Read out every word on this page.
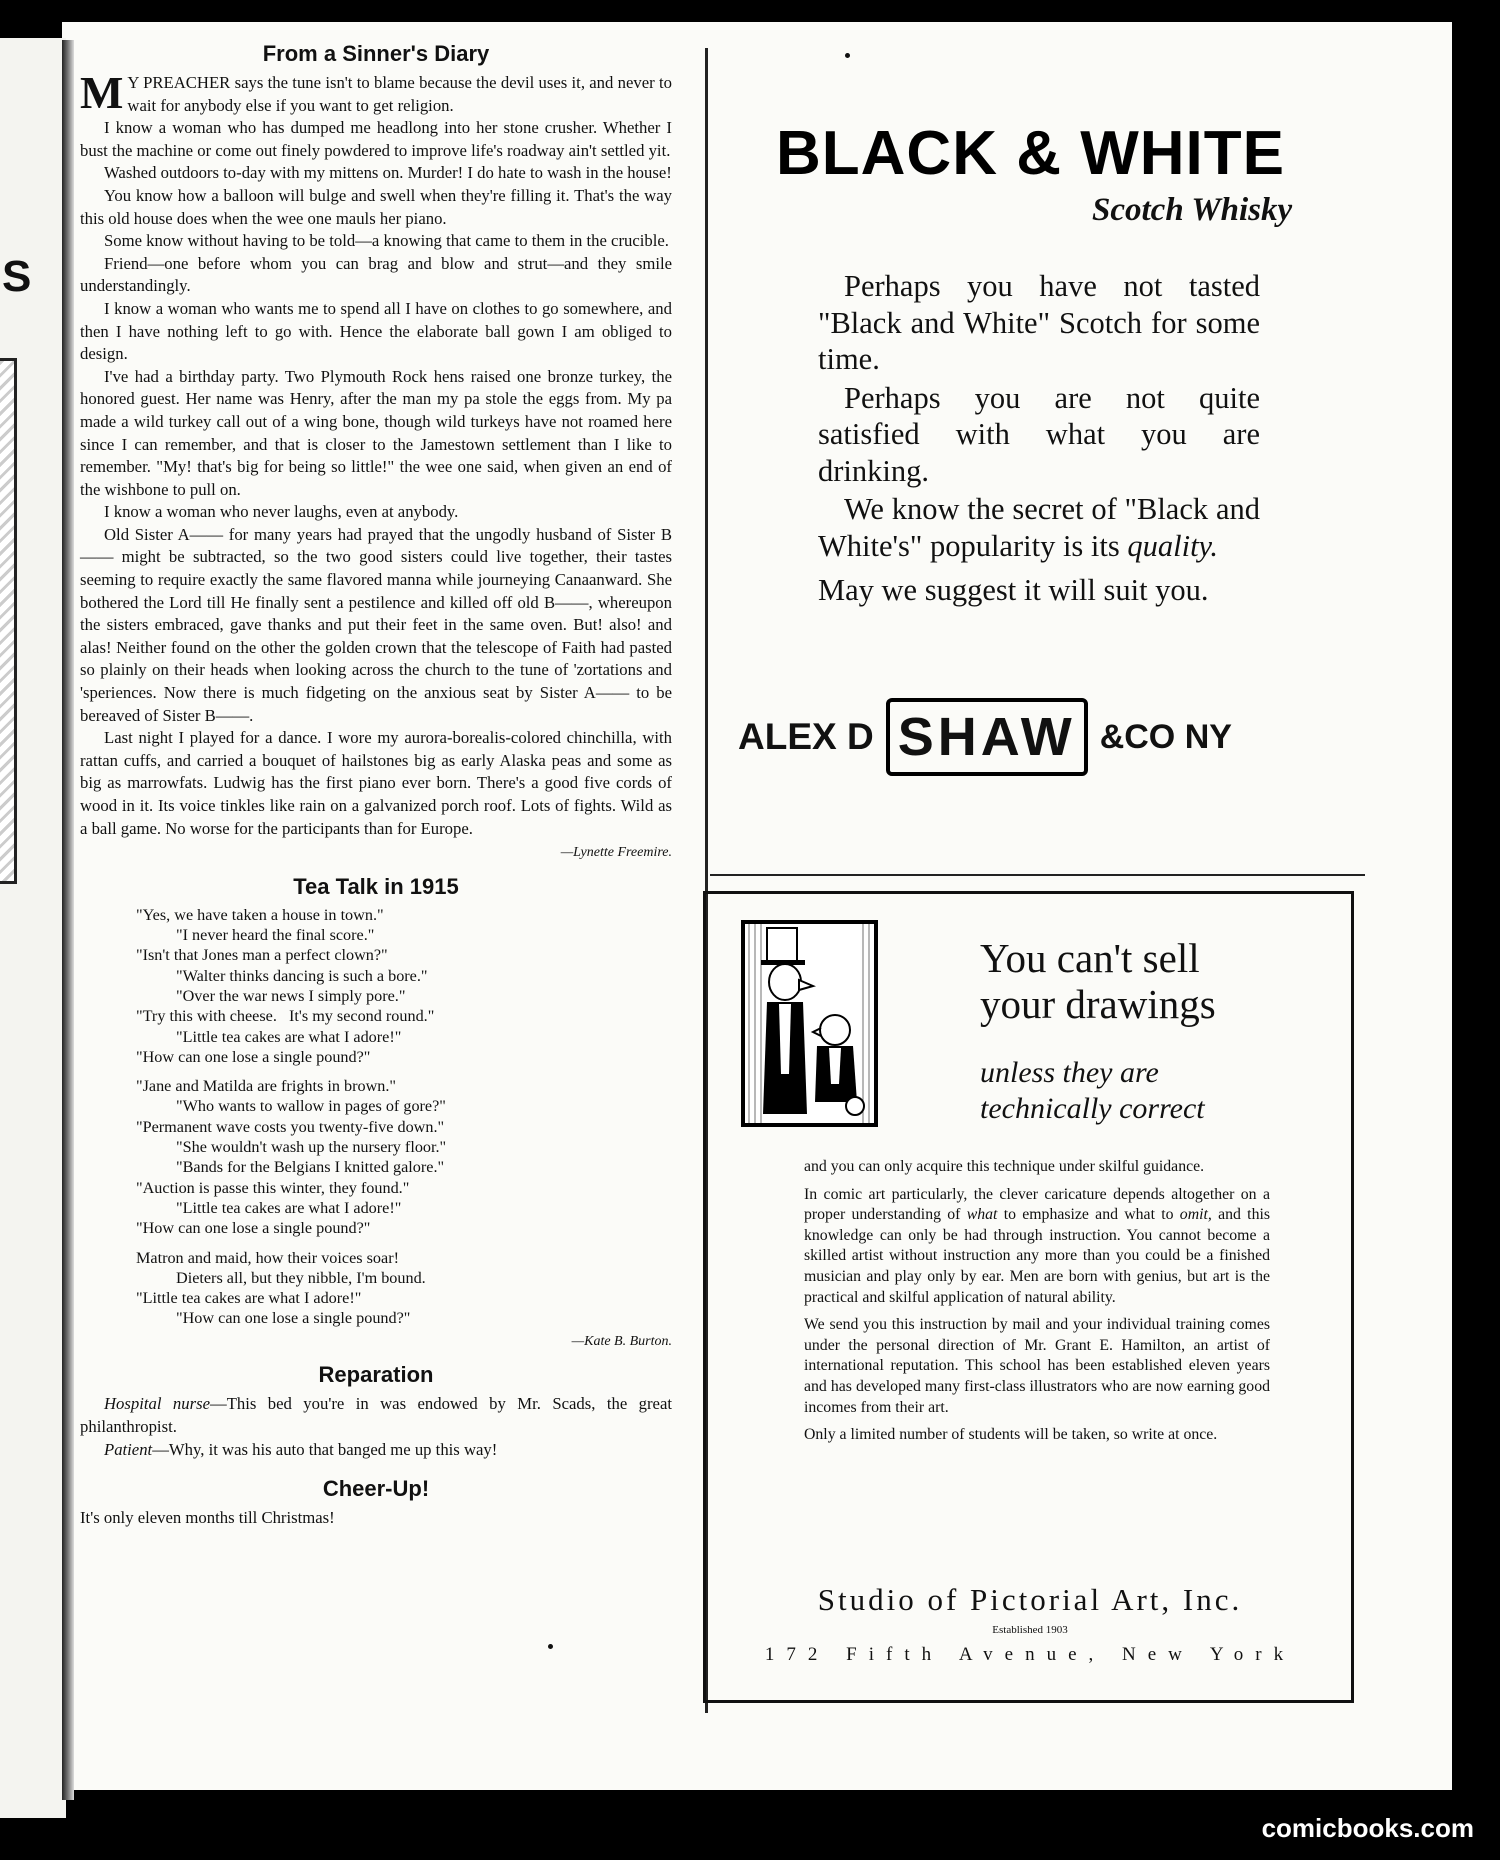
S
From a Sinner's Diary

M Y PREACHER says the tune isn't to blame because the devil uses it, and never to wait for anybody else if you want to get religion.

I know a woman who has dumped me headlong into her stone crusher. Whether I bust the machine or come out finely powdered to improve life's roadway ain't settled yit.

Washed outdoors to-day with my mittens on. Murder! I do hate to wash in the house!

You know how a balloon will bulge and swell when they're filling it. That's the way this old house does when the wee one mauls her piano.

Some know without having to be told—a knowing that came to them in the crucible.

Friend—one before whom you can brag and blow and strut—and they smile understandingly.

I know a woman who wants me to spend all I have on clothes to go somewhere, and then I have nothing left to go with. Hence the elaborate ball gown I am obliged to design.

I've had a birthday party. Two Plymouth Rock hens raised one bronze turkey, the honored guest. Her name was Henry, after the man my pa stole the eggs from. My pa made a wild turkey call out of a wing bone, though wild turkeys have not roamed here since I can remember, and that is closer to the Jamestown settlement than I like to remember. "My! that's big for being so little!" the wee one said, when given an end of the wishbone to pull on.

I know a woman who never laughs, even at anybody.

Old Sister A—— for many years had prayed that the ungodly husband of Sister B—— might be subtracted, so the two good sisters could live together, their tastes seeming to require exactly the same flavored manna while journeying Canaanward. She bothered the Lord till He finally sent a pestilence and killed off old B——, whereupon the sisters embraced, gave thanks and put their feet in the same oven. But! also! and alas! Neither found on the other the golden crown that the telescope of Faith had pasted so plainly on their heads when looking across the church to the tune of 'zortations and 'speriences. Now there is much fidgeting on the anxious seat by Sister A—— to be bereaved of Sister B——.

Last night I played for a dance. I wore my aurora-borealis-colored chinchilla, with rattan cuffs, and carried a bouquet of hailstones big as early Alaska peas and some as big as marrowfats. Ludwig has the first piano ever born. There's a good five cords of wood in it. Its voice tinkles like rain on a galvanized porch roof. Lots of fights. Wild as a ball game. No worse for the participants than for Europe.

—Lynette Freemire.
Tea Talk in 1915
"Yes, we have taken a house in town."
"I never heard the final score."
"Isn't that Jones man a perfect clown?"
"Walter thinks dancing is such a bore."
"Over the war news I simply pore."
"Try this with cheese.   It's my second round."
"Little tea cakes are what I adore!"
"How can one lose a single pound?"
"Jane and Matilda are frights in brown."
"Who wants to wallow in pages of gore?"
"Permanent wave costs you twenty-five down."
"She wouldn't wash up the nursery floor."
"Bands for the Belgians I knitted galore."
"Auction is passe this winter, they found."
"Little tea cakes are what I adore!"
"How can one lose a single pound?"
Matron and maid, how their voices soar!
Dieters all, but they nibble, I'm bound.
"Little tea cakes are what I adore!"
"How can one lose a single pound?"
—Kate B. Burton.
Reparation

Hospital nurse—This bed you're in was endowed by Mr. Scads, the great philanthropist.

Patient—Why, it was his auto that banged me up this way!

Cheer-Up!

It's only eleven months till Christmas!

BLACK & WHITE
Scotch Whisky

Perhaps you have not tasted "Black and White" Scotch for some time.

Perhaps you are not quite satisfied with what you are drinking.

We know the secret of "Black and White's" popularity is its quality.

May we suggest it will suit you.

ALEX D SHAW &CO NY
You can't sell
your drawings
unless they are
technically correct

and you can only acquire this technique under skilful guidance.

In comic art particularly, the clever caricature depends altogether on a proper understanding of what to emphasize and what to omit, and this knowledge can only be had through instruction. You cannot become a skilled artist without instruction any more than you could be a finished musician and play only by ear. Men are born with genius, but art is the practical and skilful application of natural ability.

We send you this instruction by mail and your individual training comes under the personal direction of Mr. Grant E. Hamilton, an artist of international reputation. This school has been established eleven years and has developed many first-class illustrators who are now earning good incomes from their art.

Only a limited number of students will be taken, so write at once.

Studio of Pictorial Art, Inc.
Established 1903
172 Fifth Avenue, New York
comicbooks.com
